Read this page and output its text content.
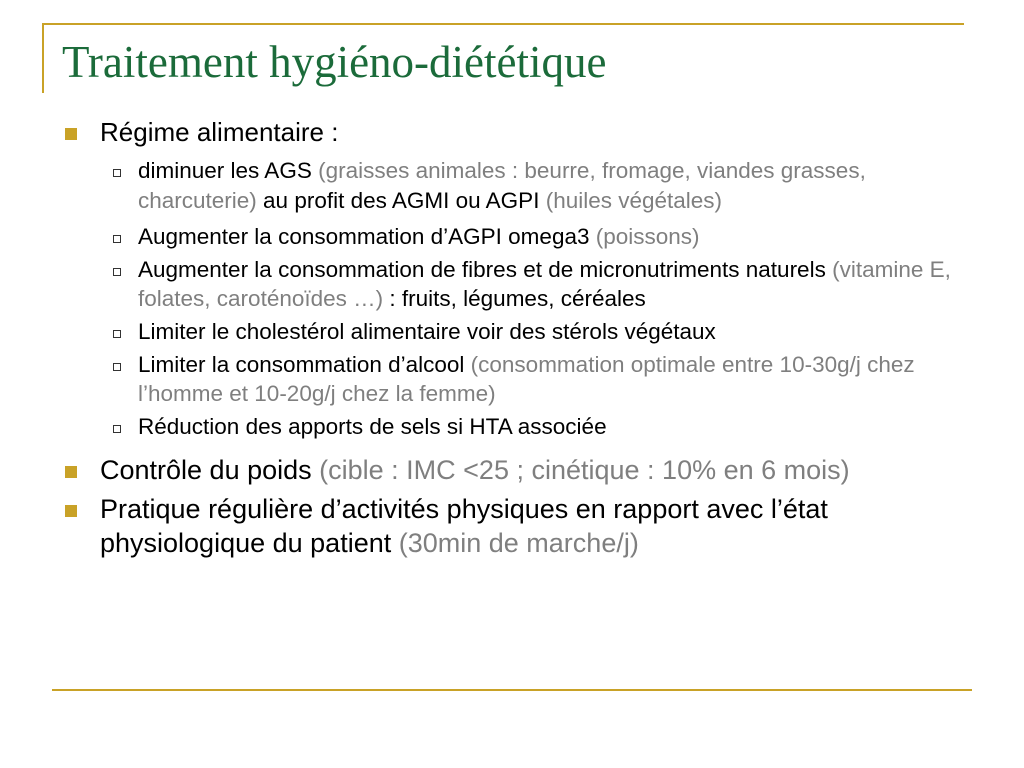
Traitement hygiéno-diététique
Régime alimentaire :
diminuer les AGS (graisses animales : beurre, fromage, viandes grasses, charcuterie) au profit des AGMI ou AGPI (huiles végétales)
Augmenter la consommation d’AGPI omega3 (poissons)
Augmenter la consommation de fibres et de micronutriments naturels (vitamine E, folates, caroténoïdes …) : fruits, légumes, céréales
Limiter le cholestérol alimentaire voir des stérols végétaux
Limiter la consommation d’alcool (consommation optimale entre 10-30g/j chez l’homme et 10-20g/j chez la femme)
Réduction des apports de sels si HTA associée
Contrôle du poids (cible : IMC <25 ; cinétique : 10% en 6 mois)
Pratique régulière d’activités physiques en rapport avec l’état physiologique du patient (30min de marche/j)
